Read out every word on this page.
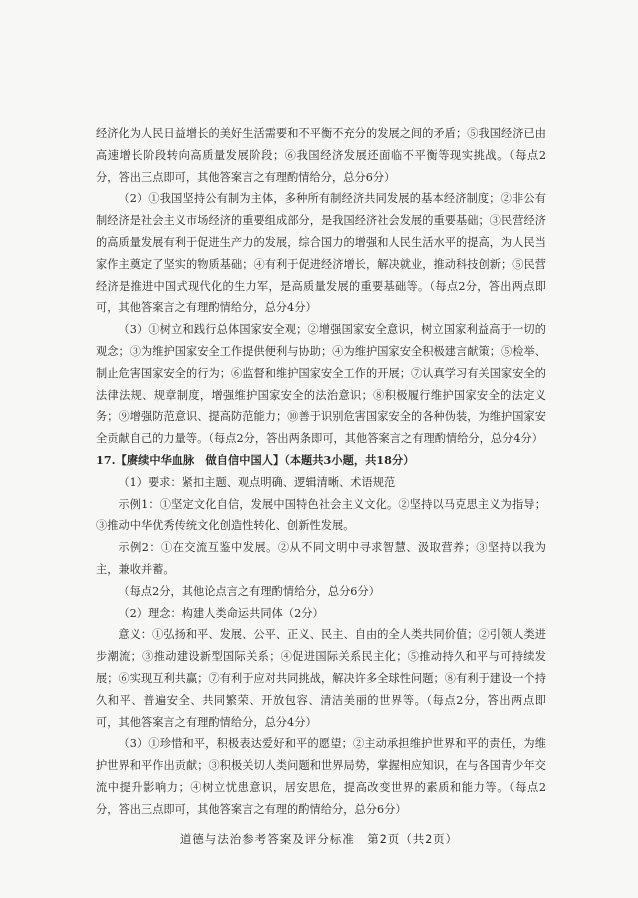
经济化为人民日益增长的美好生活需要和不平衡不充分的发展之间的矛盾；⑤我国经济已由高速增长阶段转向高质量发展阶段；⑥我国经济发展还面临不平衡等现实挑战。（每点2分，答出三点即可，其他答案言之有理酌情给分，总分6分）

（2）①我国坚持公有制为主体，多种所有制经济共同发展的基本经济制度；②非公有制经济是社会主义市场经济的重要组成部分，是我国经济社会发展的重要基础；③民营经济的高质量发展有利于促进生产力的发展，综合国力的增强和人民生活水平的提高，为人民当家作主奠定了坚实的物质基础；④有利于促进经济增长，解决就业，推动科技创新；⑤民营经济是推进中国式现代化的生力军，是高质量发展的重要基础等。（每点2分，答出两点即可，其他答案言之有理酌情给分，总分4分）

（3）①树立和践行总体国家安全观；②增强国家安全意识，树立国家利益高于一切的观念；③为维护国家安全工作提供便利与协助；④为维护国家安全积极建言献策；⑤检举、制止危害国家安全的行为；⑥监督和维护国家安全工作的开展；⑦认真学习有关国家安全的法律法规、规章制度，增强维护国家安全的法治意识；⑧积极履行维护国家安全的法定义务；⑨增强防范意识、提高防范能力；⑩善于识别危害国家安全的各种伪装，为维护国家安全贡献自己的力量等。（每点2分，答出两条即可，其他答案言之有理酌情给分，总分4分）

17.【赓续中华血脉　做自信中国人】（本题共3小题，共18分）

（1）要求：紧扣主题、观点明确、逻辑清晰、术语规范

示例1：①坚定文化自信，发展中国特色社会主义文化。②坚持以马克思主义为指导；③推动中华优秀传统文化创造性转化、创新性发展。

示例2：①在交流互鉴中发展。②从不同文明中寻求智慧、汲取营养；③坚持以我为主，兼收并蓄。

（每点2分，其他论点言之有理酌情给分，总分6分）

（2）理念：构建人类命运共同体（2分）

意义：①弘扬和平、发展、公平、正义、民主、自由的全人类共同价值；②引领人类进步潮流；③推动建设新型国际关系；④促进国际关系民主化；⑤推动持久和平与可持续发展；⑥实现互利共赢；⑦有利于应对共同挑战，解决许多全球性问题；⑧有利于建设一个持久和平、普遍安全、共同繁荣、开放包容、清洁美丽的世界等。（每点2分，答出两点即可，其他答案言之有理酌情给分，总分4分）

（3）①珍惜和平，积极表达爱好和平的愿望；②主动承担维护世界和平的责任，为维护世界和平作出贡献；③积极关切人类问题和世界局势，掌握相应知识，在与各国青少年交流中提升影响力；④树立忧患意识，居安思危，提高改变世界的素质和能力等。（每点2分，答出三点即可，其他答案言之有理的酌情给分，总分6分）

道德与法治参考答案及评分标准　第2页（共2页）
